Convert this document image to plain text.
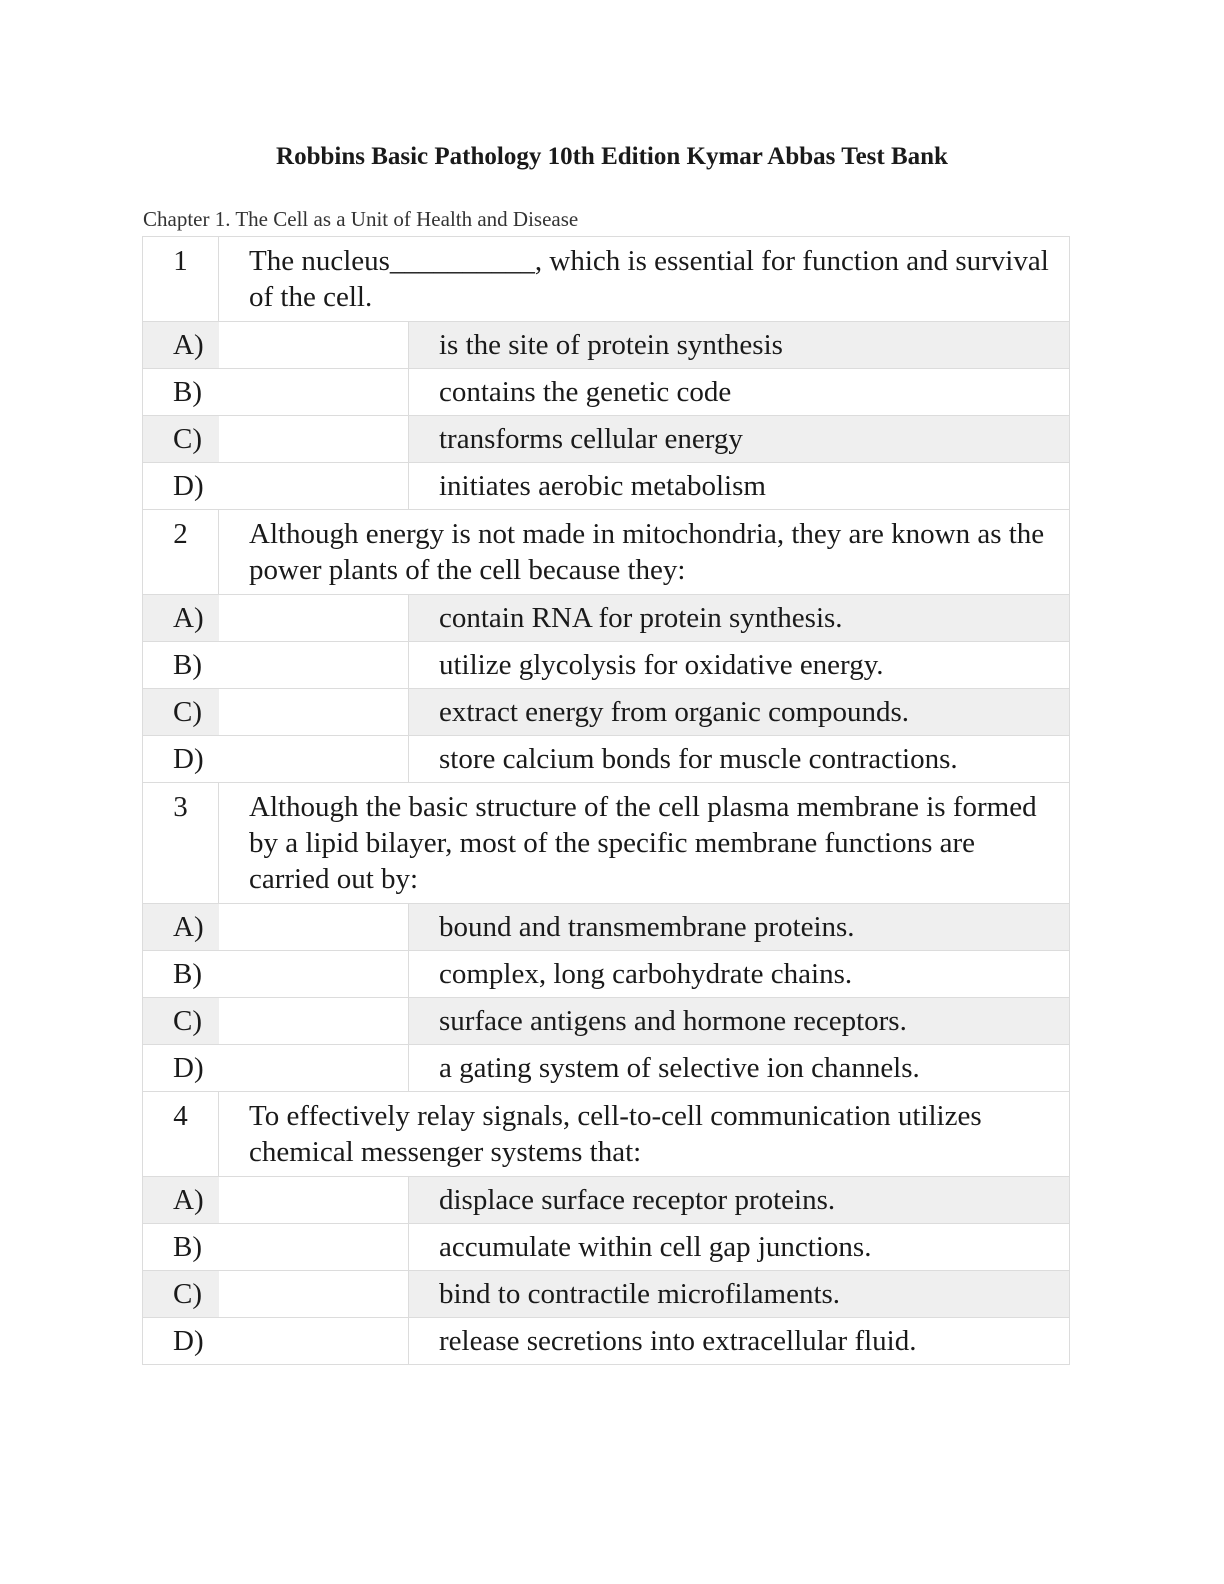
Robbins Basic Pathology 10th Edition Kymar Abbas Test Bank
Chapter 1. The Cell as a Unit of Health and Disease
1	The nucleus__________, which is essential for function and survival of the cell.	
A)		is the site of protein synthesis
B)		contains the genetic code
C)		transforms cellular energy
D)		initiates aerobic metabolism
2	Although energy is not made in mitochondria, they are known as the power plants of the cell because they:	
A)		contain RNA for protein synthesis.
B)		utilize glycolysis for oxidative energy.
C)		extract energy from organic compounds.
D)		store calcium bonds for muscle contractions.
3	Although the basic structure of the cell plasma membrane is formed by a lipid bilayer, most of the specific membrane functions are carried out by:	
A)		bound and transmembrane proteins.
B)		complex, long carbohydrate chains.
C)		surface antigens and hormone receptors.
D)		a gating system of selective ion channels.
4	To effectively relay signals, cell-to-cell communication utilizes chemical messenger systems that:	
A)		displace surface receptor proteins.
B)		accumulate within cell gap junctions.
C)		bind to contractile microfilaments.
D)		release secretions into extracellular fluid.
